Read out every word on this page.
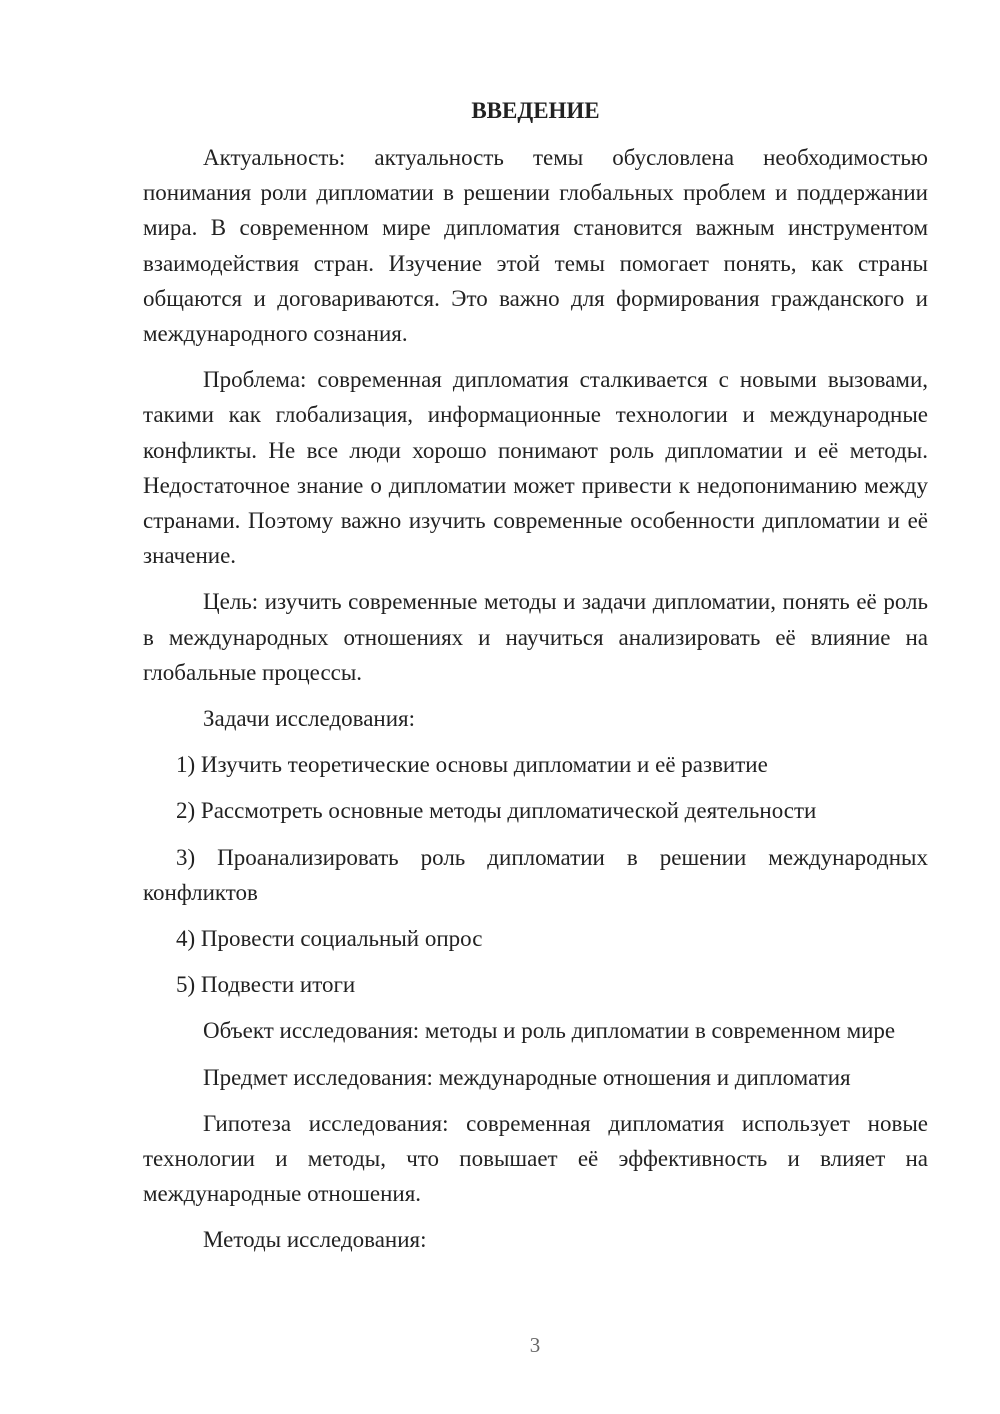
ВВЕДЕНИЕ

Актуальность: актуальность темы обусловлена необходимостью понимания роли дипломатии в решении глобальных проблем и поддержании мира. В современном мире дипломатия становится важным инструментом взаимодействия стран. Изучение этой темы помогает понять, как страны общаются и договариваются. Это важно для формирования гражданского и международного сознания.

Проблема: современная дипломатия сталкивается с новыми вызовами, такими как глобализация, информационные технологии и международные конфликты. Не все люди хорошо понимают роль дипломатии и её методы. Недостаточное знание о дипломатии может привести к недопониманию между странами. Поэтому важно изучить современные особенности дипломатии и её значение.

Цель: изучить современные методы и задачи дипломатии, понять её роль в международных отношениях и научиться анализировать её влияние на глобальные процессы.

Задачи исследования:

1) Изучить теоретические основы дипломатии и её развитие

2) Рассмотреть основные методы дипломатической деятельности

3) Проанализировать роль дипломатии в решении международных конфликтов

4) Провести социальный опрос

5) Подвести итоги

Объект исследования: методы и роль дипломатии в современном мире

Предмет исследования: международные отношения и дипломатия

Гипотеза исследования: современная дипломатия использует новые технологии и методы, что повышает её эффективность и влияет на международные отношения.

Методы исследования:

3
